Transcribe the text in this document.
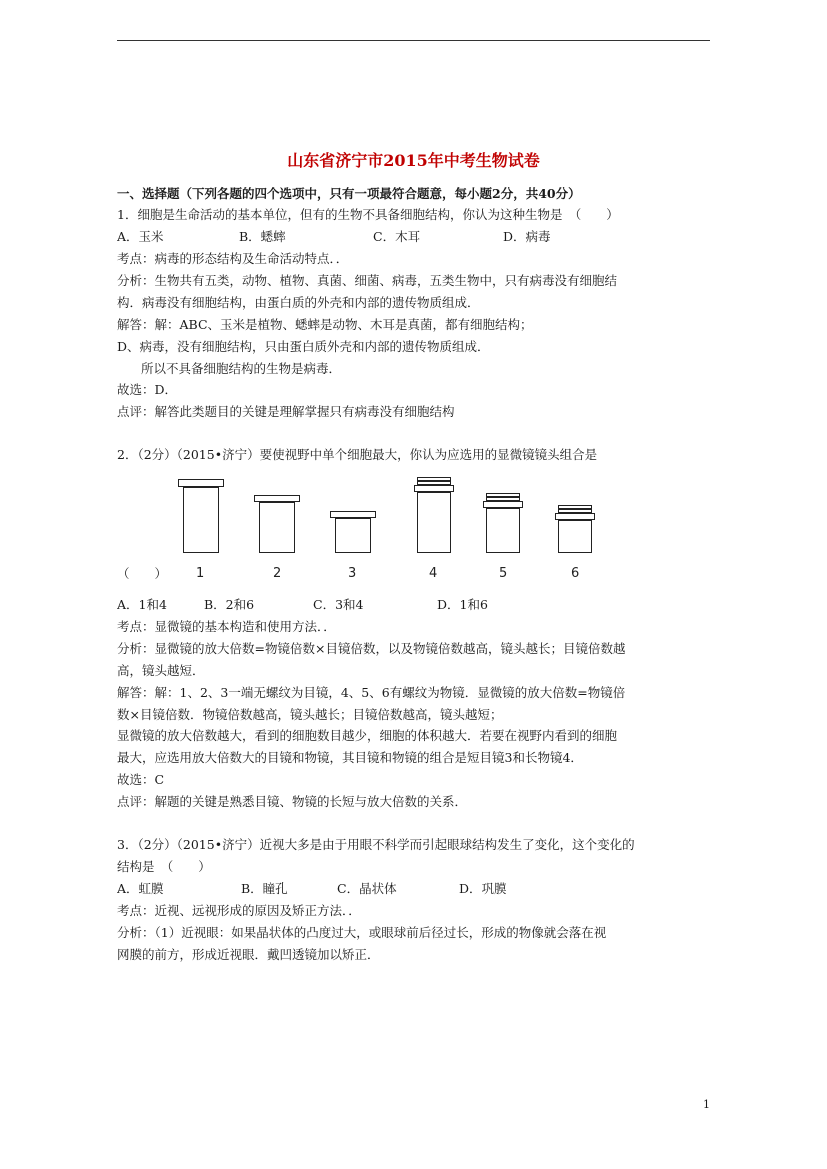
山东省济宁市2015年中考生物试卷

一、选择题（下列各题的四个选项中，只有一项最符合题意，每小题2分，共40分）

1．细胞是生命活动的基本单位，但有的生物不具备细胞结构，你认为这种生物是　（　　）

A．玉米	B．蟋蟀	C．木耳	D．病毒

考点：病毒的形态结构及生命活动特点．．

分析：生物共有五类，动物、植物、真菌、细菌、病毒，五类生物中，只有病毒没有细胞结

构．病毒没有细胞结构，由蛋白质的外壳和内部的遗传物质组成．

解答：解：ABC、玉米是植物、蟋蟀是动物、木耳是真菌，都有细胞结构；

D、病毒，没有细胞结构，只由蛋白质外壳和内部的遗传物质组成．

所以不具备细胞结构的生物是病毒．

故选：D．

点评：解答此类题目的关键是理解掌握只有病毒没有细胞结构

2．（2分）（2015•济宁）要使视野中单个细胞最大，你认为应选用的显微镜镜头组合是

1	2	3	4	5	6
（　　）

A．1和4	B．2和6	C．3和4	D．1和6

考点：显微镜的基本构造和使用方法．．

分析：显微镜的放大倍数=物镜倍数×目镜倍数，以及物镜倍数越高，镜头越长；目镜倍数越

高，镜头越短．

解答：解：1、2、3一端无螺纹为目镜，4、5、6有螺纹为物镜．显微镜的放大倍数=物镜倍

数×目镜倍数．物镜倍数越高，镜头越长；目镜倍数越高，镜头越短；

显微镜的放大倍数越大，看到的细胞数目越少，细胞的体积越大．若要在视野内看到的细胞

最大，应选用放大倍数大的目镜和物镜，其目镜和物镜的组合是短目镜3和长物镜4．

故选：C

点评：解题的关键是熟悉目镜、物镜的长短与放大倍数的关系．

3．（2分）（2015•济宁）近视大多是由于用眼不科学而引起眼球结构发生了变化，这个变化的

结构是　（　　）

A．虹膜	B．瞳孔	C．晶状体	D．巩膜

考点：近视、远视形成的原因及矫正方法．．

分析：（1）近视眼：如果晶状体的凸度过大，或眼球前后径过长，形成的物像就会落在视

网膜的前方，形成近视眼．戴凹透镜加以矫正．

1
